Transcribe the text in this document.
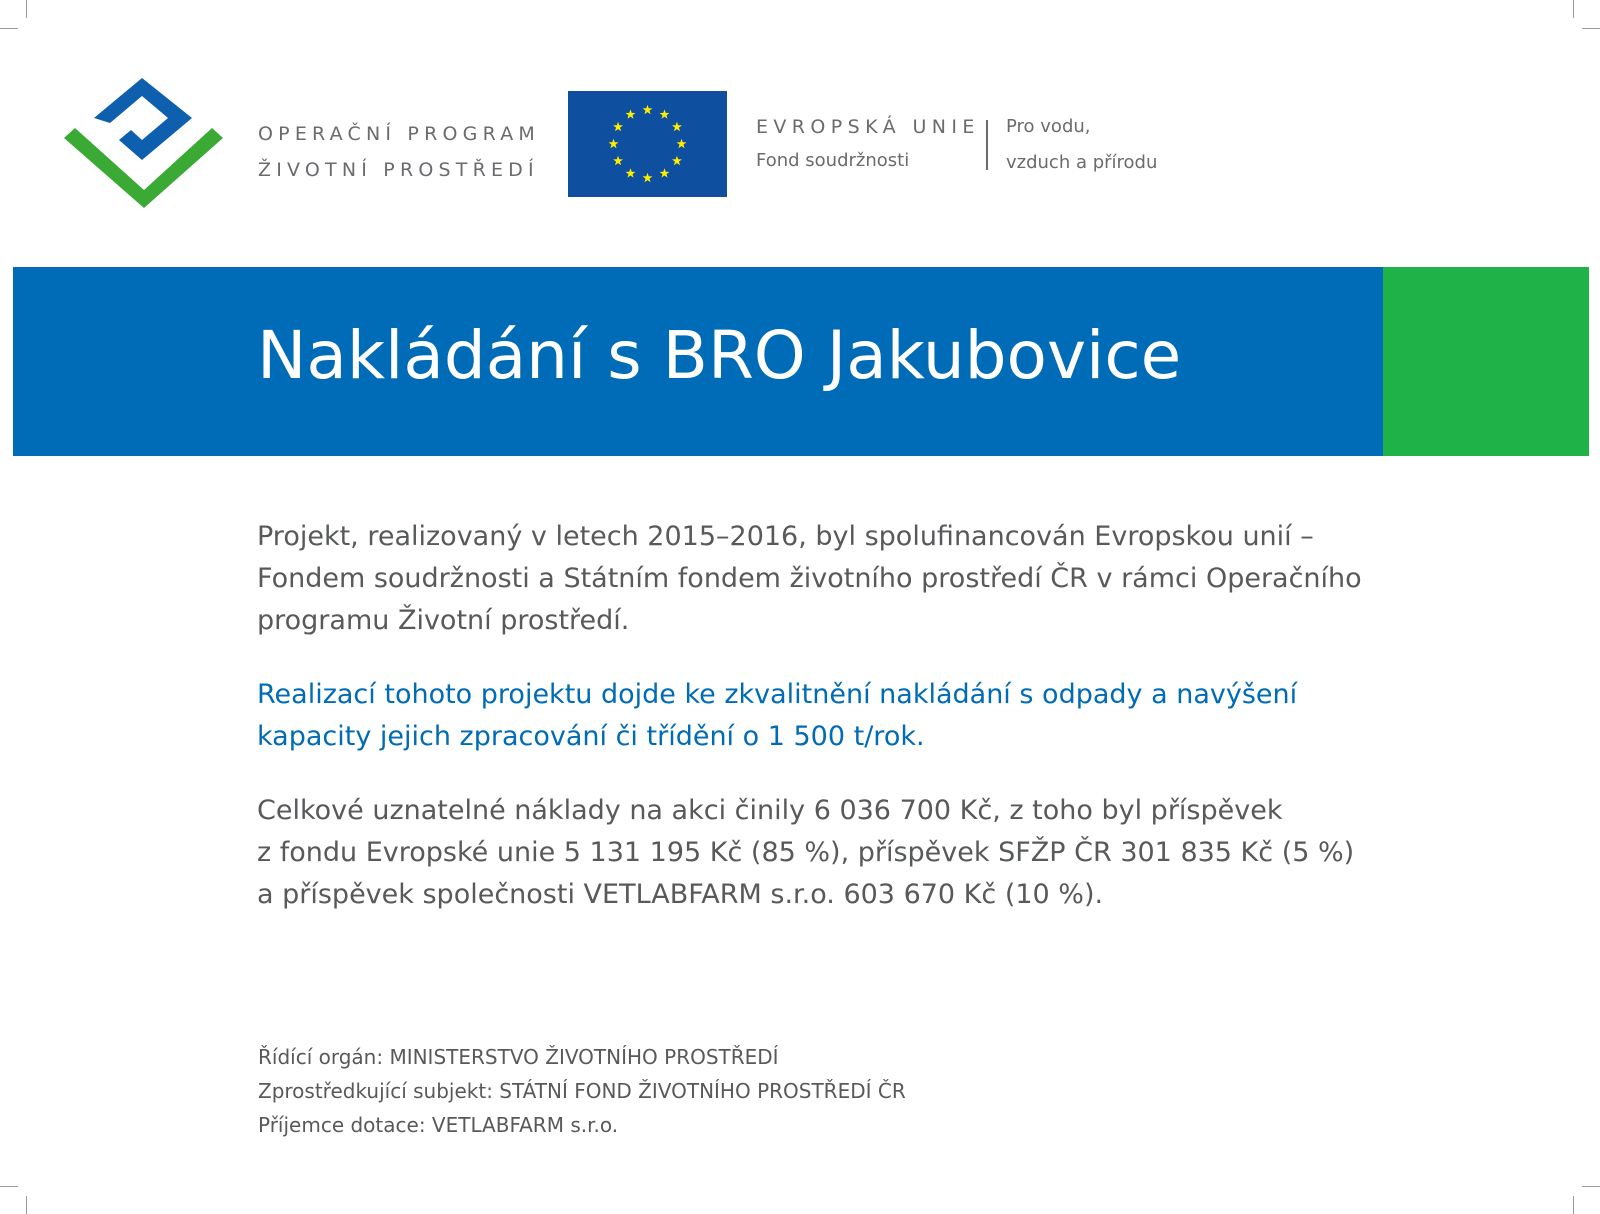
OPERAČNÍ PROGRAM
ŽIVOTNÍ PROSTŘEDÍ
EVROPSKÁ UNIE
Fond soudržnosti
Pro vodu,
vzduch a přírodu
Nakládání s BRO Jakubovice

Projekt, realizovaný v letech 2015–2016, byl spolufinancován Evropskou unií –
Fondem soudržnosti a Státním fondem životního prostředí ČR v rámci Operačního
programu Životní prostředí.

Realizací tohoto projektu dojde ke zkvalitnění nakládání s odpady a navýšení
kapacity jejich zpracování či třídění o 1 500 t/rok.

Celkové uznatelné náklady na akci činily 6 036 700 Kč, z toho byl příspěvek
z fondu Evropské unie 5 131 195 Kč (85 %), příspěvek SFŽP ČR 301 835 Kč (5 %)
a příspěvek společnosti VETLABFARM s.r.o. 603 670 Kč (10 %).

Řídící orgán: MINISTERSTVO ŽIVOTNÍHO PROSTŘEDÍ
Zprostředkující subjekt: STÁTNÍ FOND ŽIVOTNÍHO PROSTŘEDÍ ČR
Příjemce dotace: VETLABFARM s.r.o.
